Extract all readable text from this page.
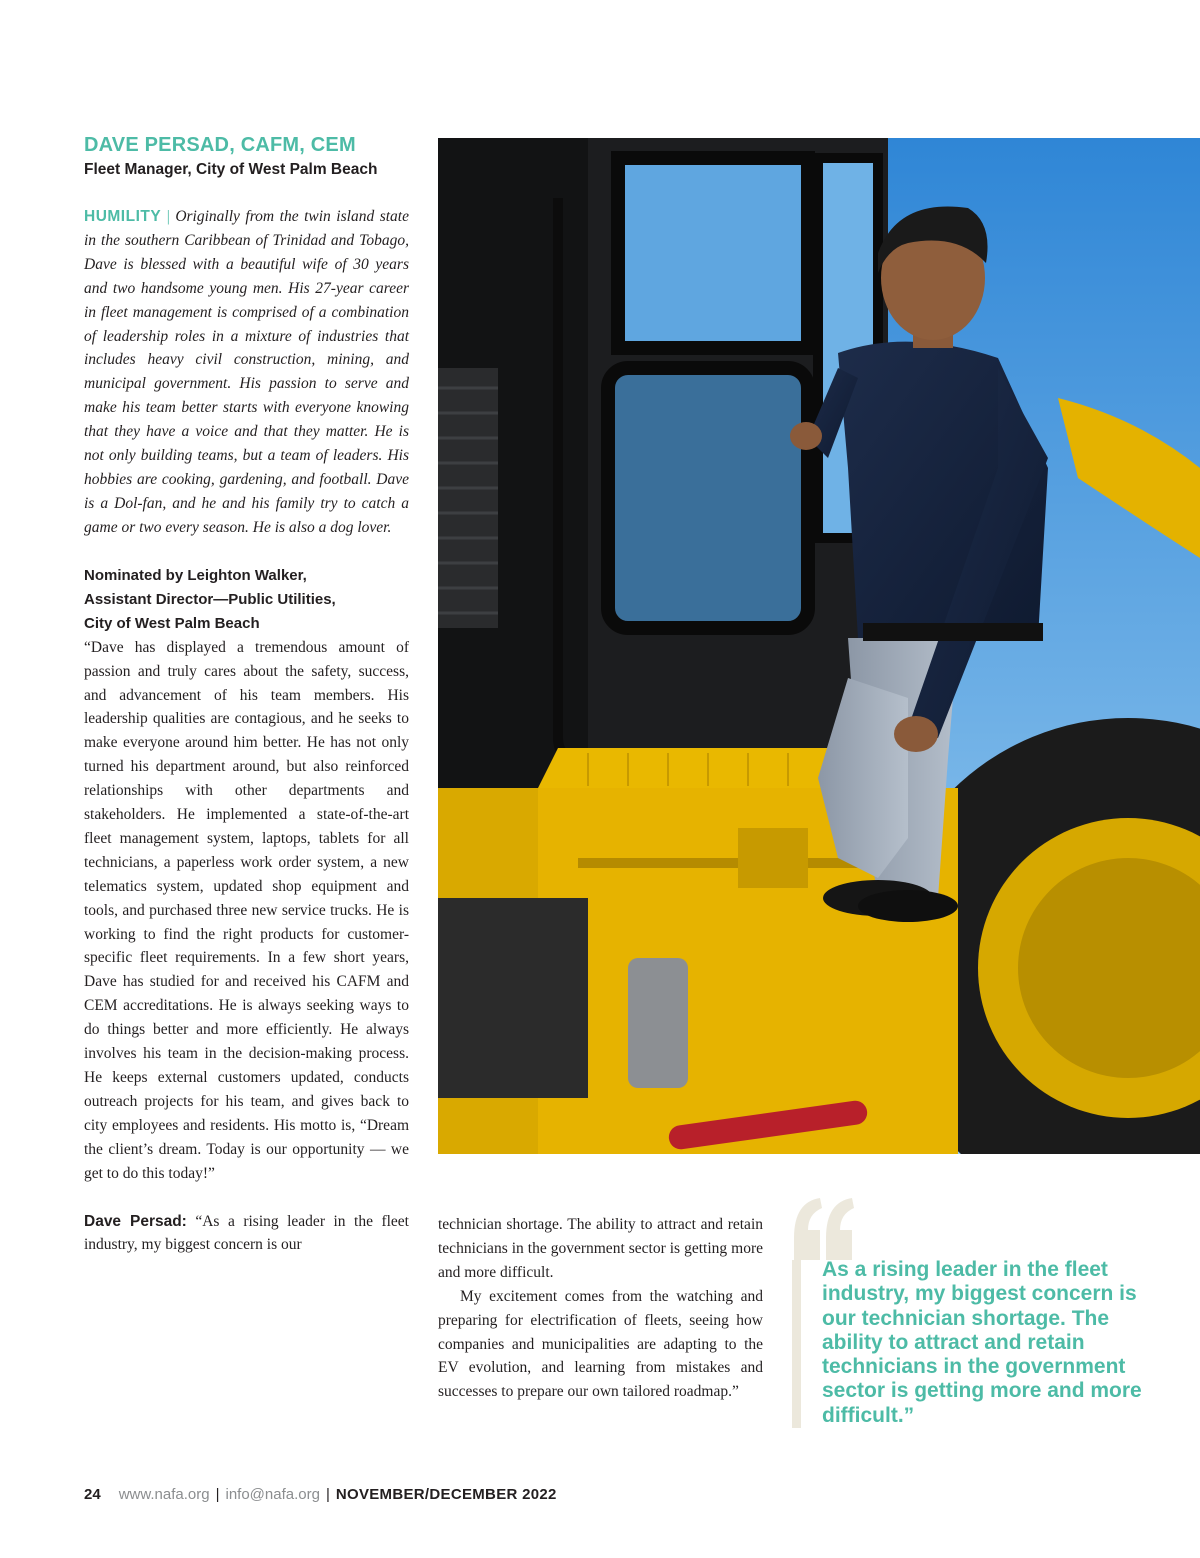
DAVE PERSAD, CAFM, CEM

Fleet Manager, City of West Palm Beach

HUMILITY | Originally from the twin island state in the southern Caribbean of Trinidad and Tobago, Dave is blessed with a beautiful wife of 30 years and two handsome young men. His 27-year career in fleet management is comprised of a combination of leadership roles in a mixture of industries that includes heavy civil construction, mining, and municipal government. His passion to serve and make his team better starts with everyone knowing that they have a voice and that they matter. He is not only building teams, but a team of leaders. His hobbies are cooking, gardening, and football. Dave is a Dol-fan, and he and his family try to catch a game or two every season. He is also a dog lover.

Nominated by Leighton Walker,
Assistant Director—Public Utilities,
City of West Palm Beach

“Dave has displayed a tremendous amount of passion and truly cares about the safety, success, and advancement of his team members. His leadership qualities are contagious, and he seeks to make everyone around him better. He has not only turned his department around, but also reinforced relationships with other departments and stakeholders. He implemented a state-of-the-art fleet management system, laptops, tablets for all technicians, a paperless work order system, a new telematics system, updated shop equipment and tools, and purchased three new service trucks. He is working to find the right products for customer-specific fleet requirements. In a few short years, Dave has studied for and received his CAFM and CEM accreditations. He is always seeking ways to do things better and more efficiently. He always involves his team in the decision-making process. He keeps external customers updated, conducts outreach projects for his team, and gives back to city employees and residents. His motto is, “Dream the client’s dream. Today is our opportunity — we get to do this today!”

Dave Persad: “As a rising leader in the fleet industry, my biggest concern is our

technician shortage. The ability to attract and retain technicians in the government sector is getting more and more difficult.

My excitement comes from the watching and preparing for electrification of fleets, seeing how companies and municipalities are adapting to the EV evolution, and learning from mistakes and successes to prepare our own tailored roadmap.”

As a rising leader in the fleet industry, my biggest concern is our technician shortage. The ability to attract and retain technicians in the government sector is getting more and more difficult.”

24 www.nafa.org | info@nafa.org | NOVEMBER/DECEMBER 2022
